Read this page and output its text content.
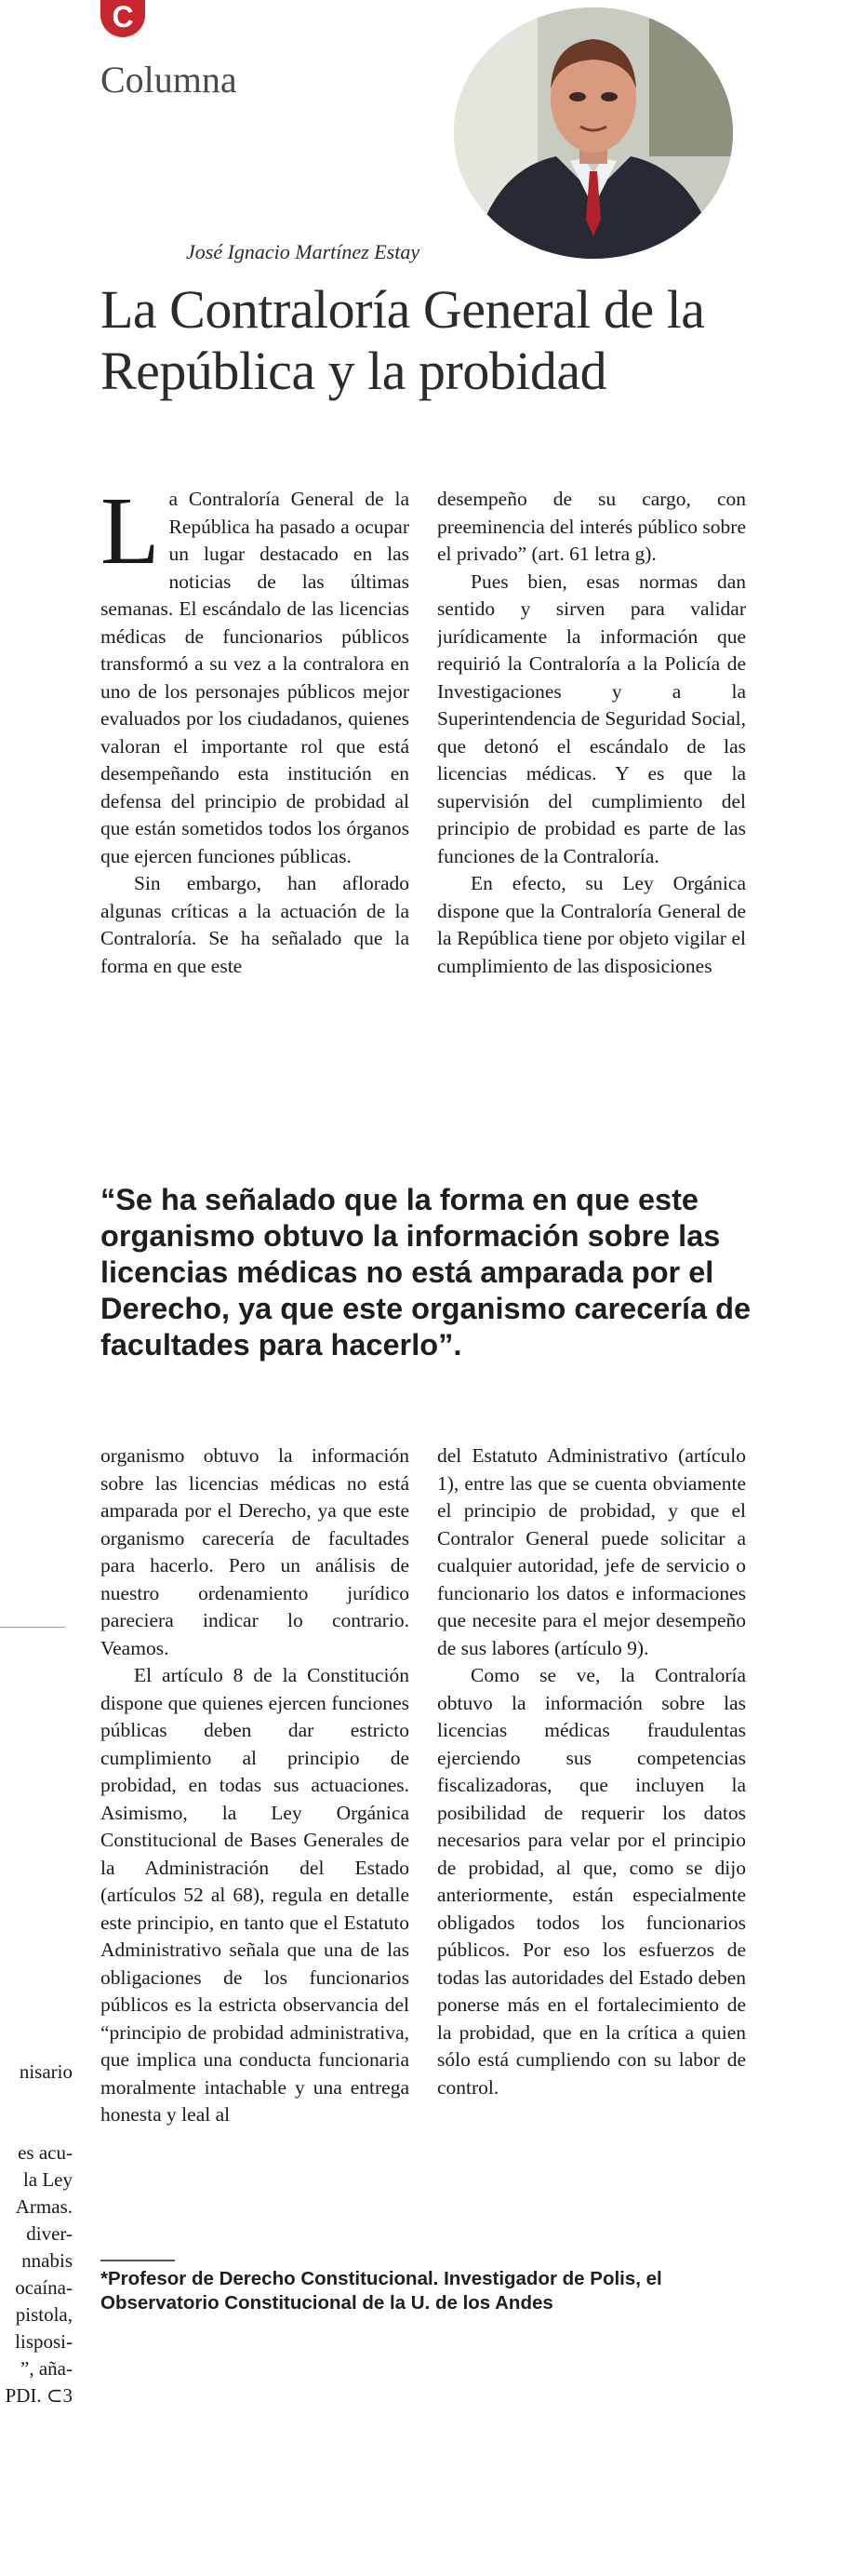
C
Columna
José Ignacio Martínez Estay
La Contraloría General de la República y la probidad

La Contraloría General de la República ha pasado a ocupar un lugar destacado en las noticias de las últimas semanas. El escándalo de las licencias médicas de funcionarios públicos transformó a su vez a la contralora en uno de los personajes públicos mejor evaluados por los ciudadanos, quienes valoran el importante rol que está desempeñando esta institución en defensa del principio de probidad al que están sometidos todos los órganos que ejercen funciones públicas.

Sin embargo, han aflorado algunas críticas a la actuación de la Contraloría. Se ha señalado que la forma en que este

desempeño de su cargo, con preeminencia del interés público sobre el privado” (art. 61 letra g).

Pues bien, esas normas dan sentido y sirven para validar jurídicamente la información que requirió la Contraloría a la Policía de Investigaciones y a la Superintendencia de Seguridad Social, que detonó el escándalo de las licencias médicas. Y es que la supervisión del cumplimiento del principio de probidad es parte de las funciones de la Contraloría.

En efecto, su Ley Orgánica dispone que la Contraloría General de la República tiene por objeto vigilar el cumplimiento de las disposiciones

“Se ha señalado que la forma en que este organismo obtuvo la información sobre las licencias médicas no está amparada por el Derecho, ya que este organismo carecería de facultades para hacerlo”.

organismo obtuvo la información sobre las licencias médicas no está amparada por el Derecho, ya que este organismo carecería de facultades para hacerlo. Pero un análisis de nuestro ordenamiento jurídico pareciera indicar lo contrario. Veamos.

El artículo 8 de la Constitución dispone que quienes ejercen funciones públicas deben dar estricto cumplimiento al principio de probidad, en todas sus actuaciones. Asimismo, la Ley Orgánica Constitucional de Bases Generales de la Administración del Estado (artículos 52 al 68), regula en detalle este principio, en tanto que el Estatuto Administrativo señala que una de las obligaciones de los funcionarios públicos es la estricta observancia del “principio de probidad administrativa, que implica una conducta funcionaria moralmente intachable y una entrega honesta y leal al

del Estatuto Administrativo (artículo 1), entre las que se cuenta obviamente el principio de probidad, y que el Contralor General puede solicitar a cualquier autoridad, jefe de servicio o funcionario los datos e informaciones que necesite para el mejor desempeño de sus labores (artículo 9).

Como se ve, la Contraloría obtuvo la información sobre las licencias médicas fraudulentas ejerciendo sus competencias fiscalizadoras, que incluyen la posibilidad de requerir los datos necesarios para velar por el principio de probidad, al que, como se dijo anteriormente, están especialmente obligados todos los funcionarios públicos. Por eso los esfuerzos de todas las autoridades del Estado deben ponerse más en el fortalecimiento de la probidad, que en la crítica a quien sólo está cumpliendo con su labor de control.

*Profesor de Derecho Constitucional. Investigador de Polis, el Observatorio Constitucional de la U. de los Andes
nisario
es acu-
la Ley
Armas.
diver-
nnabis
ocaína-
pistola,
lisposi-
”, aña-
PDI. ⊂3
